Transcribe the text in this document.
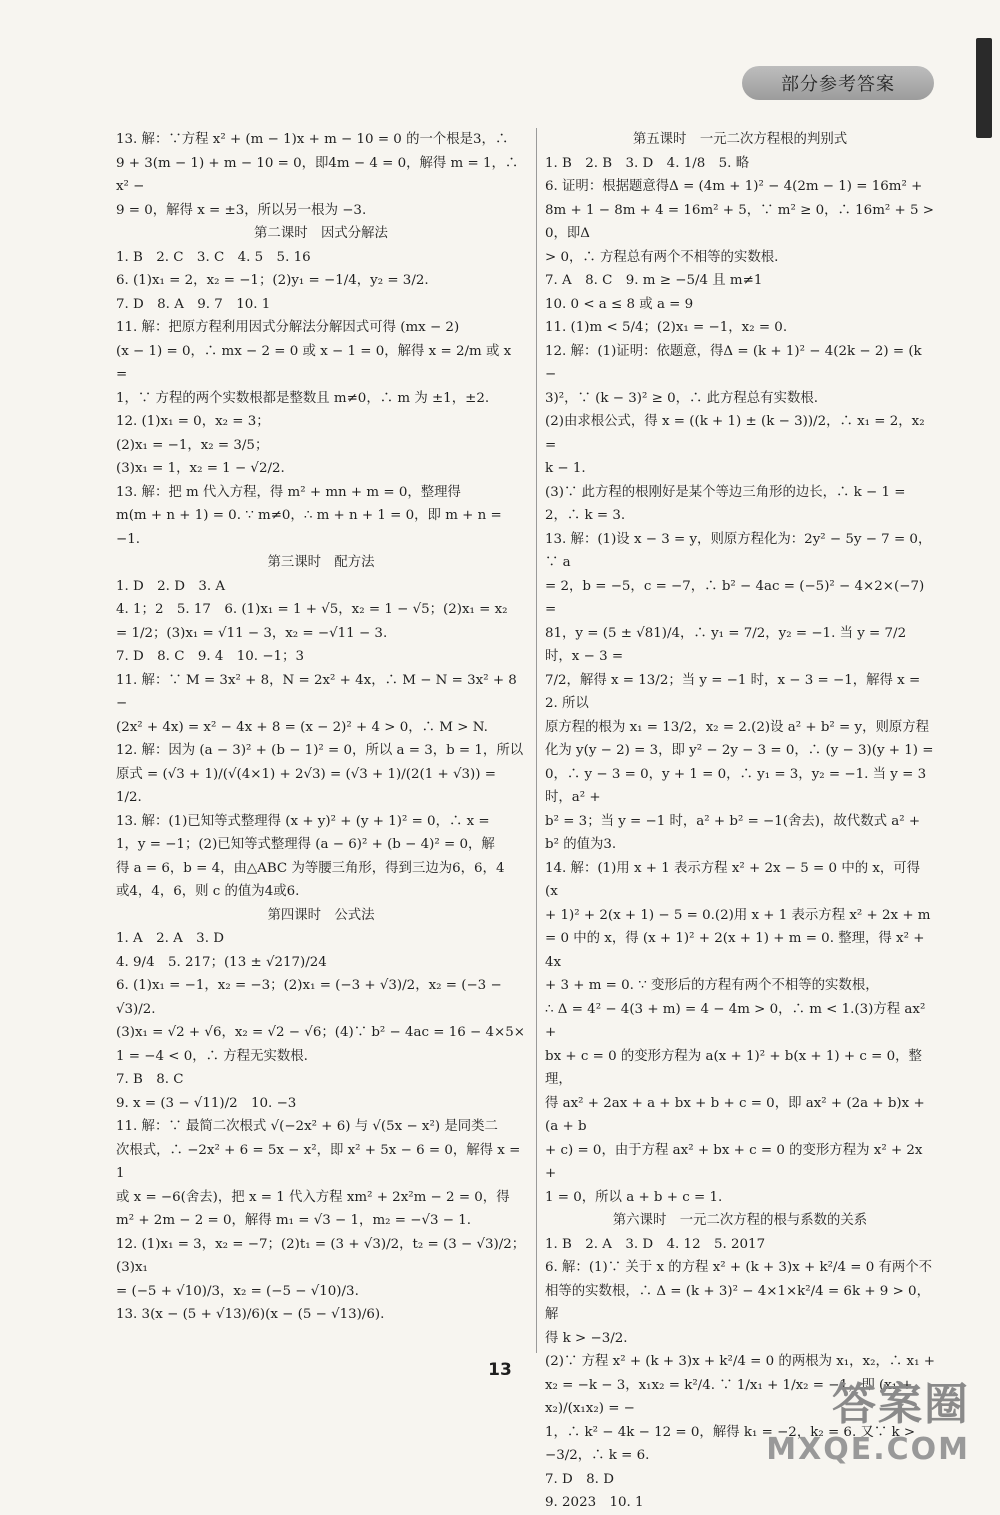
部分参考答案
13. 解：∵方程 x² + (m − 1)x + m − 10 = 0 的一个根是3，∴
9 + 3(m − 1) + m − 10 = 0，即4m − 4 = 0，解得 m = 1，∴ x² −
9 = 0，解得 x = ±3，所以另一根为 −3.
第二课时　因式分解法
1. B　2. C　3. C　4. 5　5. 16
6. (1)x₁ = 2，x₂ = −1；(2)y₁ = −1/4，y₂ = 3/2.
7. D　8. A　9. 7　10. 1
11. 解：把原方程利用因式分解法分解因式可得 (mx − 2)
(x − 1) = 0，∴ mx − 2 = 0 或 x − 1 = 0，解得 x = 2/m 或 x =
1，∵ 方程的两个实数根都是整数且 m≠0，∴ m 为 ±1，±2.
12. (1)x₁ = 0，x₂ = 3；
(2)x₁ = −1，x₂ = 3/5；
(3)x₁ = 1，x₂ = 1 − √2/2.
13. 解：把 m 代入方程，得 m² + mn + m = 0，整理得
m(m + n + 1) = 0. ∵ m≠0，∴ m + n + 1 = 0，即 m + n = −1.
第三课时　配方法
1. D　2. D　3. A
4. 1；2　5. 17　6. (1)x₁ = 1 + √5，x₂ = 1 − √5；(2)x₁ = x₂
= 1/2；(3)x₁ = √11 − 3，x₂ = −√11 − 3.
7. D　8. C　9. 4　10. −1；3
11. 解：∵ M = 3x² + 8，N = 2x² + 4x，∴ M − N = 3x² + 8 −
(2x² + 4x) = x² − 4x + 8 = (x − 2)² + 4 > 0，∴ M > N.
12. 解：因为 (a − 3)² + (b − 1)² = 0，所以 a = 3，b = 1，所以
原式 = (√3 + 1)/(√(4×1) + 2√3) = (√3 + 1)/(2(1 + √3)) = 1/2.
13. 解：(1)已知等式整理得 (x + y)² + (y + 1)² = 0，∴ x =
1，y = −1；(2)已知等式整理得 (a − 6)² + (b − 4)² = 0，解
得 a = 6，b = 4，由△ABC 为等腰三角形，得到三边为6，6，4
或4，4，6，则 c 的值为4或6.
第四课时　公式法
1. A　2. A　3. D
4. 9/4　5. 217；(13 ± √217)/24
6. (1)x₁ = −1，x₂ = −3；(2)x₁ = (−3 + √3)/2，x₂ = (−3 − √3)/2.
(3)x₁ = √2 + √6，x₂ = √2 − √6；(4)∵ b² − 4ac = 16 − 4×5×
1 = −4 < 0，∴ 方程无实数根.
7. B　8. C
9. x = (3 − √11)/2　10. −3
11. 解：∵ 最简二次根式 √(−2x² + 6) 与 √(5x − x²) 是同类二
次根式，∴ −2x² + 6 = 5x − x²，即 x² + 5x − 6 = 0，解得 x = 1
或 x = −6(舍去)，把 x = 1 代入方程 xm² + 2x²m − 2 = 0，得
m² + 2m − 2 = 0，解得 m₁ = √3 − 1，m₂ = −√3 − 1.
12. (1)x₁ = 3，x₂ = −7；(2)t₁ = (3 + √3)/2，t₂ = (3 − √3)/2；(3)x₁
= (−5 + √10)/3，x₂ = (−5 − √10)/3.
13. 3(x − (5 + √13)/6)(x − (5 − √13)/6).
第五课时　一元二次方程根的判别式
1. B　2. B　3. D　4. 1/8　5. 略
6. 证明：根据题意得Δ = (4m + 1)² − 4(2m − 1) = 16m² +
8m + 1 − 8m + 4 = 16m² + 5，∵ m² ≥ 0，∴ 16m² + 5 > 0，即Δ
> 0，∴ 方程总有两个不相等的实数根.
7. A　8. C　9. m ≥ −5/4 且 m≠1
10. 0 < a ≤ 8 或 a = 9
11. (1)m < 5/4；(2)x₁ = −1，x₂ = 0.
12. 解：(1)证明：依题意，得Δ = (k + 1)² − 4(2k − 2) = (k −
3)²，∵ (k − 3)² ≥ 0，∴ 此方程总有实数根.
(2)由求根公式，得 x = ((k + 1) ± (k − 3))/2，∴ x₁ = 2，x₂ =
k − 1.
(3)∵ 此方程的根刚好是某个等边三角形的边长，∴ k − 1 =
2，∴ k = 3.
13. 解：(1)设 x − 3 = y，则原方程化为：2y² − 5y − 7 = 0，∵ a
= 2，b = −5，c = −7，∴ b² − 4ac = (−5)² − 4×2×(−7) =
81，y = (5 ± √81)/4，∴ y₁ = 7/2，y₂ = −1. 当 y = 7/2 时，x − 3 =
7/2，解得 x = 13/2；当 y = −1 时，x − 3 = −1，解得 x = 2. 所以
原方程的根为 x₁ = 13/2，x₂ = 2.(2)设 a² + b² = y，则原方程
化为 y(y − 2) = 3，即 y² − 2y − 3 = 0，∴ (y − 3)(y + 1) =
0，∴ y − 3 = 0，y + 1 = 0，∴ y₁ = 3，y₂ = −1. 当 y = 3 时，a² +
b² = 3；当 y = −1 时，a² + b² = −1(舍去)，故代数式 a² +
b² 的值为3.
14. 解：(1)用 x + 1 表示方程 x² + 2x − 5 = 0 中的 x，可得 (x
+ 1)² + 2(x + 1) − 5 = 0.(2)用 x + 1 表示方程 x² + 2x + m
= 0 中的 x，得 (x + 1)² + 2(x + 1) + m = 0. 整理，得 x² + 4x
+ 3 + m = 0. ∵ 变形后的方程有两个不相等的实数根，
∴ Δ = 4² − 4(3 + m) = 4 − 4m > 0，∴ m < 1.(3)方程 ax² +
bx + c = 0 的变形方程为 a(x + 1)² + b(x + 1) + c = 0，整理，
得 ax² + 2ax + a + bx + b + c = 0，即 ax² + (2a + b)x + (a + b
+ c) = 0，由于方程 ax² + bx + c = 0 的变形方程为 x² + 2x +
1 = 0，所以 a + b + c = 1.
第六课时　一元二次方程的根与系数的关系
1. B　2. A　3. D　4. 12　5. 2017
6. 解：(1)∵ 关于 x 的方程 x² + (k + 3)x + k²/4 = 0 有两个不
相等的实数根，∴ Δ = (k + 3)² − 4×1×k²/4 = 6k + 9 > 0，解
得 k > −3/2.
(2)∵ 方程 x² + (k + 3)x + k²/4 = 0 的两根为 x₁，x₂，∴ x₁ +
x₂ = −k − 3，x₁x₂ = k²/4. ∵ 1/x₁ + 1/x₂ = −1，即 (x₁ + x₂)/(x₁x₂) = −
1，∴ k² − 4k − 12 = 0，解得 k₁ = −2，k₂ = 6. 又∵ k >
−3/2，∴ k = 6.
7. D　8. D
9. 2023　10. 1
13
答案圈
MXQE.COM
